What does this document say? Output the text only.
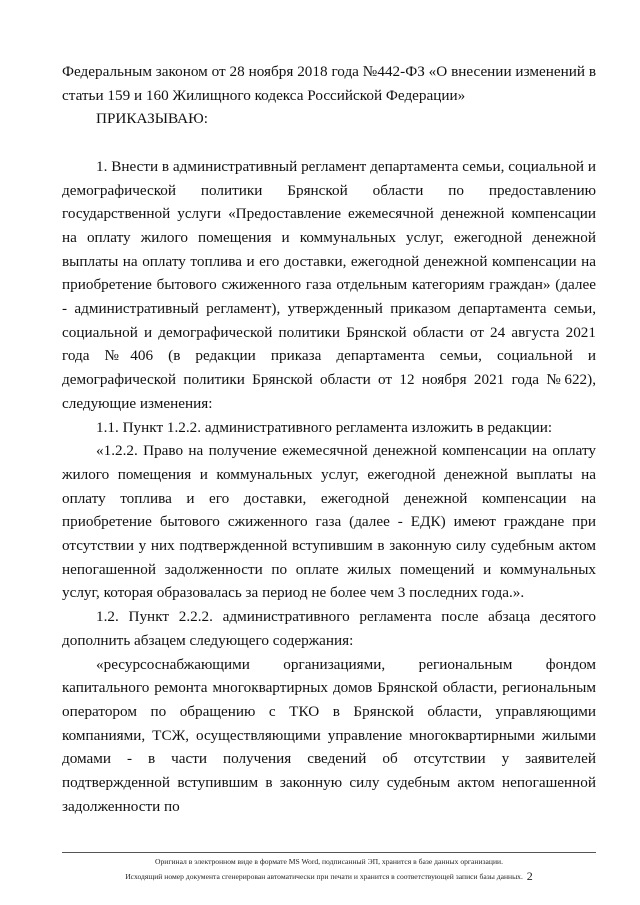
Федеральным законом от 28 ноября 2018 года №442-ФЗ «О внесении изменений в статьи 159 и 160 Жилищного кодекса Российской Федерации»

ПРИКАЗЫВАЮ:

1. Внести в административный регламент департамента семьи, социальной и демографической политики Брянской области по предоставлению государственной услуги «Предоставление ежемесячной денежной компенсации на оплату жилого помещения и коммунальных услуг, ежегодной денежной выплаты на оплату топлива и его доставки, ежегодной денежной компенсации на приобретение бытового сжиженного газа отдельным категориям граждан» (далее - административный регламент), утвержденный приказом департамента семьи, социальной и демографической политики Брянской области от 24 августа 2021 года №406 (в редакции приказа департамента семьи, социальной и демографической политики Брянской области от 12 ноября 2021 года №622), следующие изменения:

1.1. Пункт 1.2.2. административного регламента изложить в редакции:

«1.2.2. Право на получение ежемесячной денежной компенсации на оплату жилого помещения и коммунальных услуг, ежегодной денежной выплаты на оплату топлива и его доставки, ежегодной денежной компенсации на приобретение бытового сжиженного газа (далее - ЕДК) имеют граждане при отсутствии у них подтвержденной вступившим в законную силу судебным актом непогашенной задолженности по оплате жилых помещений и коммунальных услуг, которая образовалась за период не более чем 3 последних года.».

1.2. Пункт 2.2.2. административного регламента после абзаца десятого дополнить абзацем следующего содержания:

«ресурсоснабжающими организациями, региональным фондом капитального ремонта многоквартирных домов Брянской области, региональным оператором по обращению с ТКО в Брянской области, управляющими компаниями, ТСЖ, осуществляющими управление многоквартирными жилыми домами - в части получения сведений об отсутствии у заявителей подтвержденной вступившим в законную силу судебным актом непогашенной задолженности по

Оригинал в электронном виде в формате MS Word, подписанный ЭП, хранится в базе данных организации.
Исходящий номер документа сгенерирован автоматически при печати и хранится в соответствующей записи базы данных. 2
